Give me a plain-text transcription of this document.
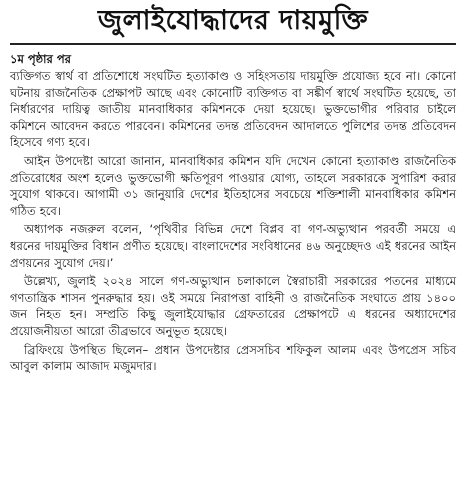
জুলাইযোদ্ধাদের দায়মুক্তি
১ম পৃষ্ঠার পর

ব্যক্তিগত স্বার্থ বা প্রতিশোধে সংঘটিত হত্যাকাণ্ড ও সহিংসতায় দায়মুক্তি প্রযোজ্য হবে না। কোনো ঘটনায় রাজনৈতিক প্রেক্ষাপট আছে এবং কোনোটি ব্যক্তিগত বা সঙ্কীর্ণ স্বার্থে সংঘটিত হয়েছে, তা নির্ধারণের দায়িত্ব জাতীয় মানবাধিকার কমিশনকে দেয়া হয়েছে। ভুক্তভোগীর পরিবার চাইলে কমিশনে আবেদন করতে পারবেন। কমিশনের তদন্ত প্রতিবেদন আদালতে পুলিশের তদন্ত প্রতিবেদন হিসেবে গণ্য হবে।

আইন উপদেষ্টা আরো জানান, মানবাধিকার কমিশন যদি দেখেন কোনো হত্যাকাণ্ড রাজনৈতিক প্রতিরোধের অংশ হলেও ভুক্তভোগী ক্ষতিপূরণ পাওয়ার যোগ্য, তাহলে সরকারকে সুপারিশ করার সুযোগ থাকবে। আগামী ৩১ জানুয়ারি দেশের ইতিহাসের সবচেয়ে শক্তিশালী মানবাধিকার কমিশন গঠিত হবে।

অধ্যাপক নজরুল বলেন, ‘পৃথিবীর বিভিন্ন দেশে বিপ্লব বা গণ-অভ্যুত্থান পরবর্তী সময়ে এ ধরনের দায়মুক্তির বিধান প্রণীত হয়েছে। বাংলাদেশের সংবিধানের ৪৬ অনুচ্ছেদও এই ধরনের আইন প্রণয়নের সুযোগ দেয়।’

উল্লেখ্য, জুলাই ২০২৪ সালে গণ-অভ্যুত্থান চলাকালে স্বৈরাচারী সরকারের পতনের মাধ্যমে গণতান্ত্রিক শাসন পুনরুদ্ধার হয়। ওই সময়ে নিরাপত্তা বাহিনী ও রাজনৈতিক সংঘাতে প্রায় ১৪০০ জন নিহত হন। সম্প্রতি কিছু জুলাইযোদ্ধার গ্রেফতারের প্রেক্ষাপটে এ ধরনের অধ্যাদেশের প্রয়োজনীয়তা আরো তীব্রভাবে অনুভূত হয়েছে।

ব্রিফিংয়ে উপস্থিত ছিলেন– প্রধান উপদেষ্টার প্রেসসচিব শফিকুল আলম এবং উপপ্রেস সচিব আবুল কালাম আজাদ মজুমদার।
